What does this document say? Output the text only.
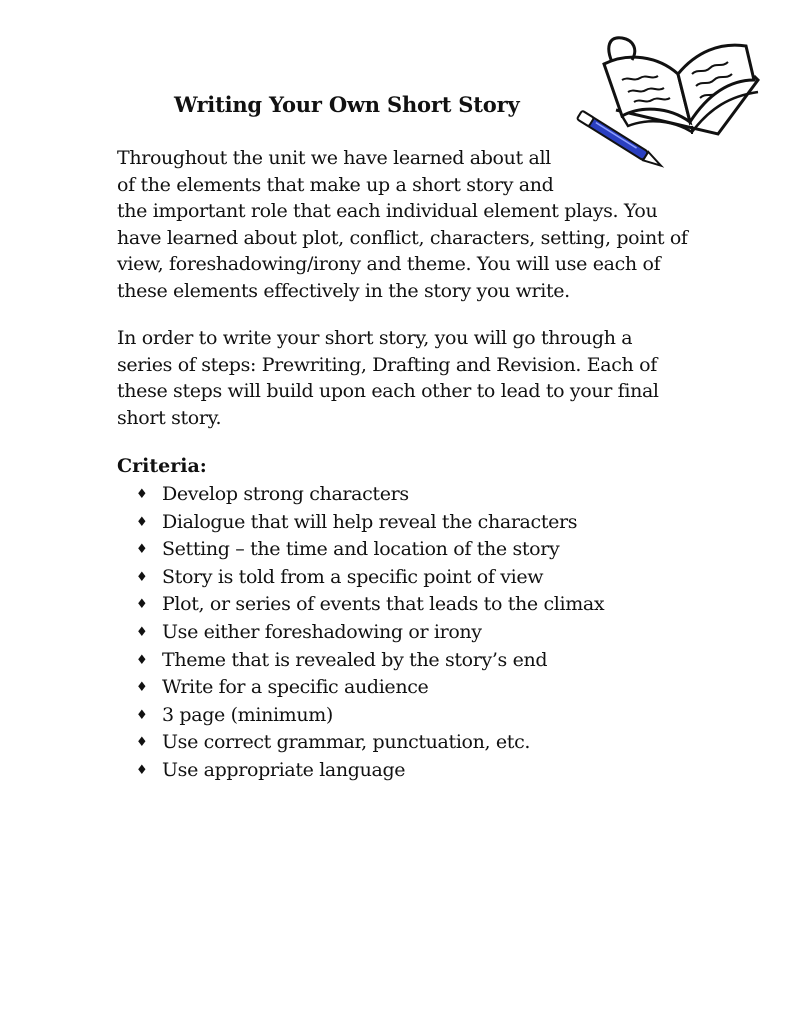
Writing Your Own Short Story
Throughout the unit we have learned about all
of the elements that make up a short story and
the important role that each individual element plays. You
have learned about plot, conflict, characters, setting, point of
view, foreshadowing/irony and theme. You will use each of
these elements effectively in the story you write.
In order to write your short story, you will go through a
series of steps: Prewriting, Drafting and Revision. Each of
these steps will build upon each other to lead to your final
short story.
Criteria:
♦ Develop strong characters
♦ Dialogue that will help reveal the characters
♦ Setting – the time and location of the story
♦ Story is told from a specific point of view
♦ Plot, or series of events that leads to the climax
♦ Use either foreshadowing or irony
♦ Theme that is revealed by the story’s end
♦ Write for a specific audience
♦ 3 page (minimum)
♦ Use correct grammar, punctuation, etc.
♦ Use appropriate language
